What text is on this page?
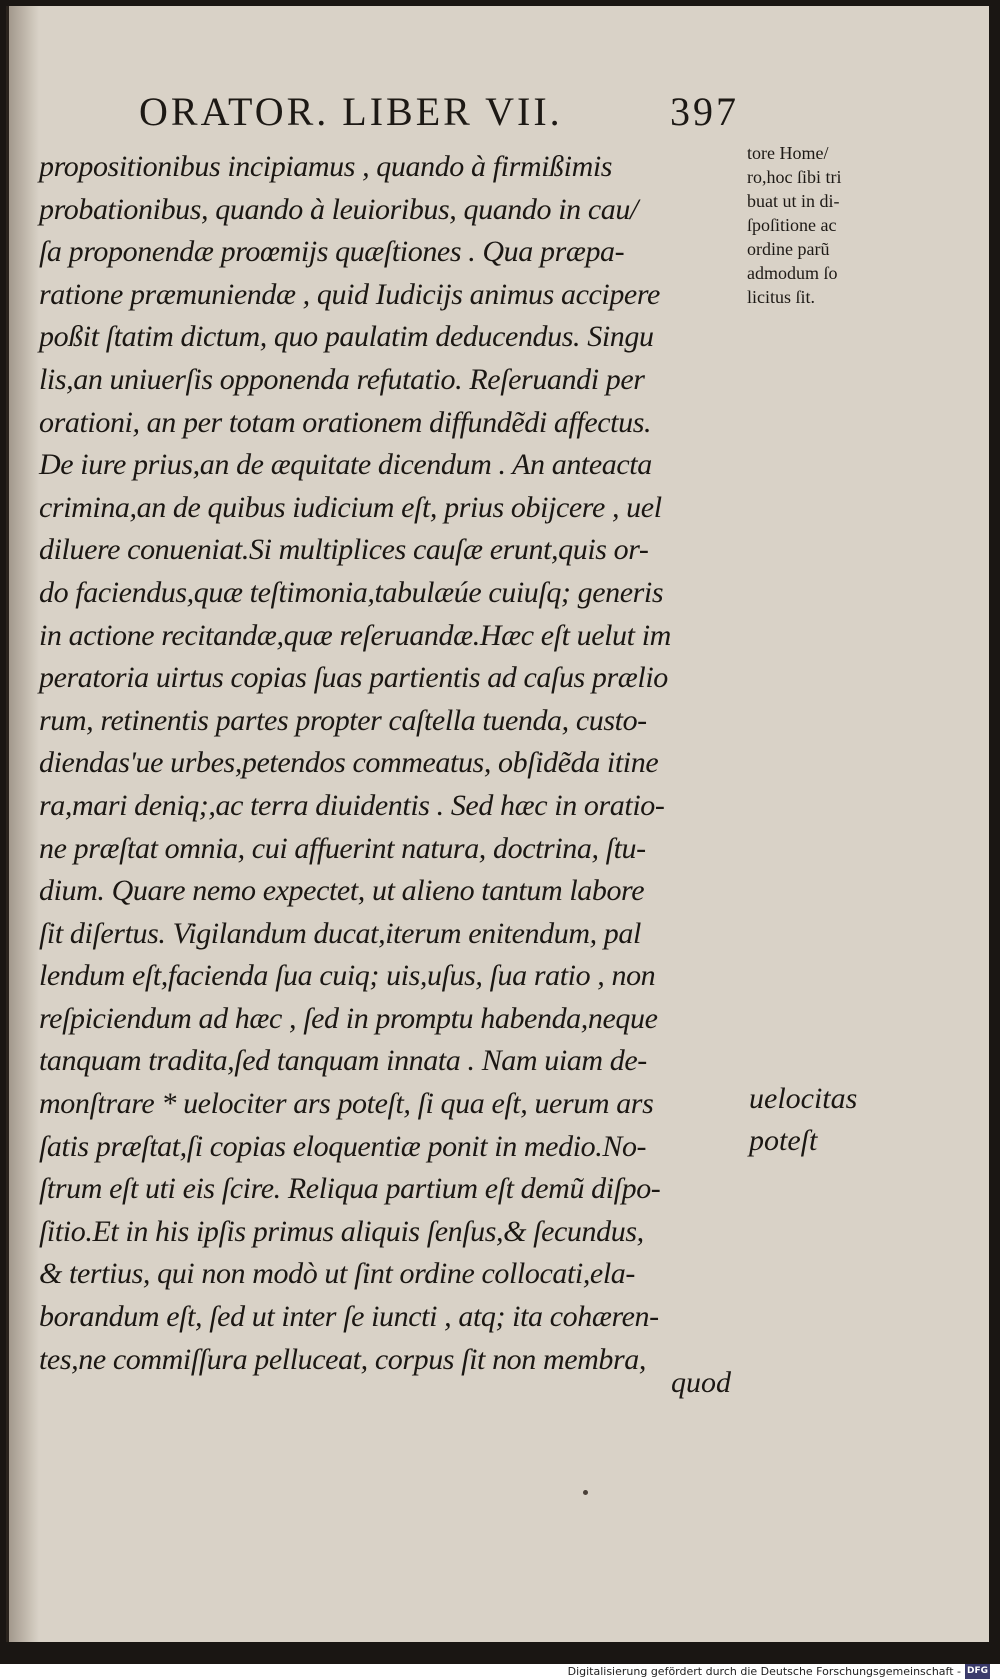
ORATOR. LIBER VII.	397
propositionibus incipiamus , quando à firmißimis
probationibus, quando à leuioribus, quando in cau/
ſa proponendæ proœmijs quæſtiones . Qua præpa-
ratione præmuniendæ , quid Iudicijs animus accipere
poßit ſtatim dictum, quo paulatim deducendus. Singu
lis,an uniuerſis opponenda refutatio. Reſeruandi per
orationi, an per totam orationem diffundẽdi affectus.
De iure prius,an de æquitate dicendum . An anteacta
crimina,an de quibus iudicium eſt, prius obijcere , uel
diluere conueniat.Si multiplices cauſæ erunt,quis or-
do faciendus,quæ teſtimonia,tabulæúe cuiuſq; generis
in actione recitandæ,quæ reſeruandæ.Hæc eſt uelut im
peratoria uirtus copias ſuas partientis ad caſus prælio
rum, retinentis partes propter caſtella tuenda, custo-
diendas'ue urbes,petendos commeatus, obſidẽda itine
ra,mari deniq;,ac terra diuidentis . Sed hæc in oratio-
ne præſtat omnia, cui affuerint natura, doctrina, ſtu-
dium. Quare nemo expectet, ut alieno tantum labore
ſit diſertus. Vigilandum ducat,iterum enitendum, pal
lendum eſt,facienda ſua cuiq; uis,uſus, ſua ratio , non
reſpiciendum ad hæc , ſed in promptu habenda,neque
tanquam tradita,ſed tanquam innata . Nam uiam de-
monſtrare * uelociter ars poteſt, ſi qua eſt, uerum ars
ſatis præſtat,ſi copias eloquentiæ ponit in medio.No-
ſtrum eſt uti eis ſcire. Reliqua partium eſt demũ diſpo-
ſitio.Et in his ipſis primus aliquis ſenſus,& ſecundus,
& tertius, qui non modò ut ſint ordine collocati,ela-
borandum eſt, ſed ut inter ſe iuncti , atq; ita cohæren-
tes,ne commiſſura pelluceat, corpus ſit non membra,
quod
tore Home/
ro,hoc ſibi tri
buat ut in di-
ſpoſitione ac
ordine parũ
admodum ſo
licitus ſit.
uelocitas
poteſt
Digitalisierung gefördert durch die Deutsche Forschungsgemeinschaft - DFG
